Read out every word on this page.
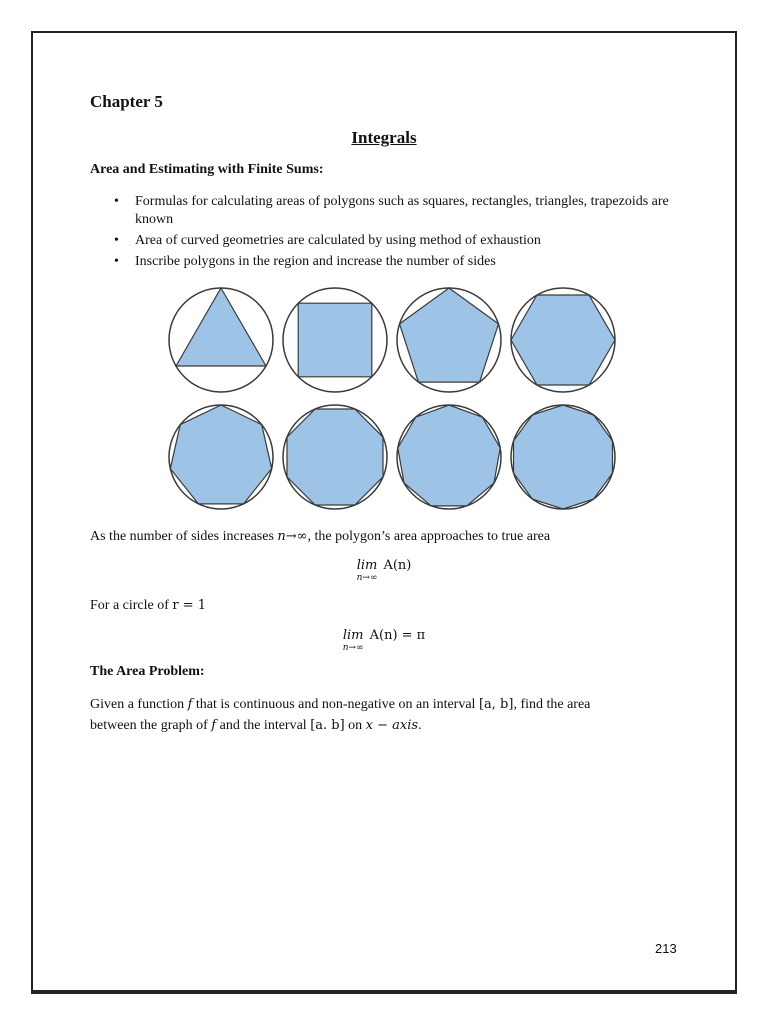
Chapter 5
Integrals
Area and Estimating with Finite Sums:
• Formulas for calculating areas of polygons such as squares, rectangles, triangles, trapezoids are known
• Area of curved geometries are calculated by using method of exhaustion
• Inscribe polygons in the region and increase the number of sides
As the number of sides increases n→∞, the polygon’s area approaches to true area
lim
n→∞
A(n)
For a circle of r = 1
lim
n→∞
A(n) = π
The Area Problem:
Given a function f that is continuous and non-negative on an interval [a, b], find the area
between the graph of f and the interval [a. b] on x − axis.
213
